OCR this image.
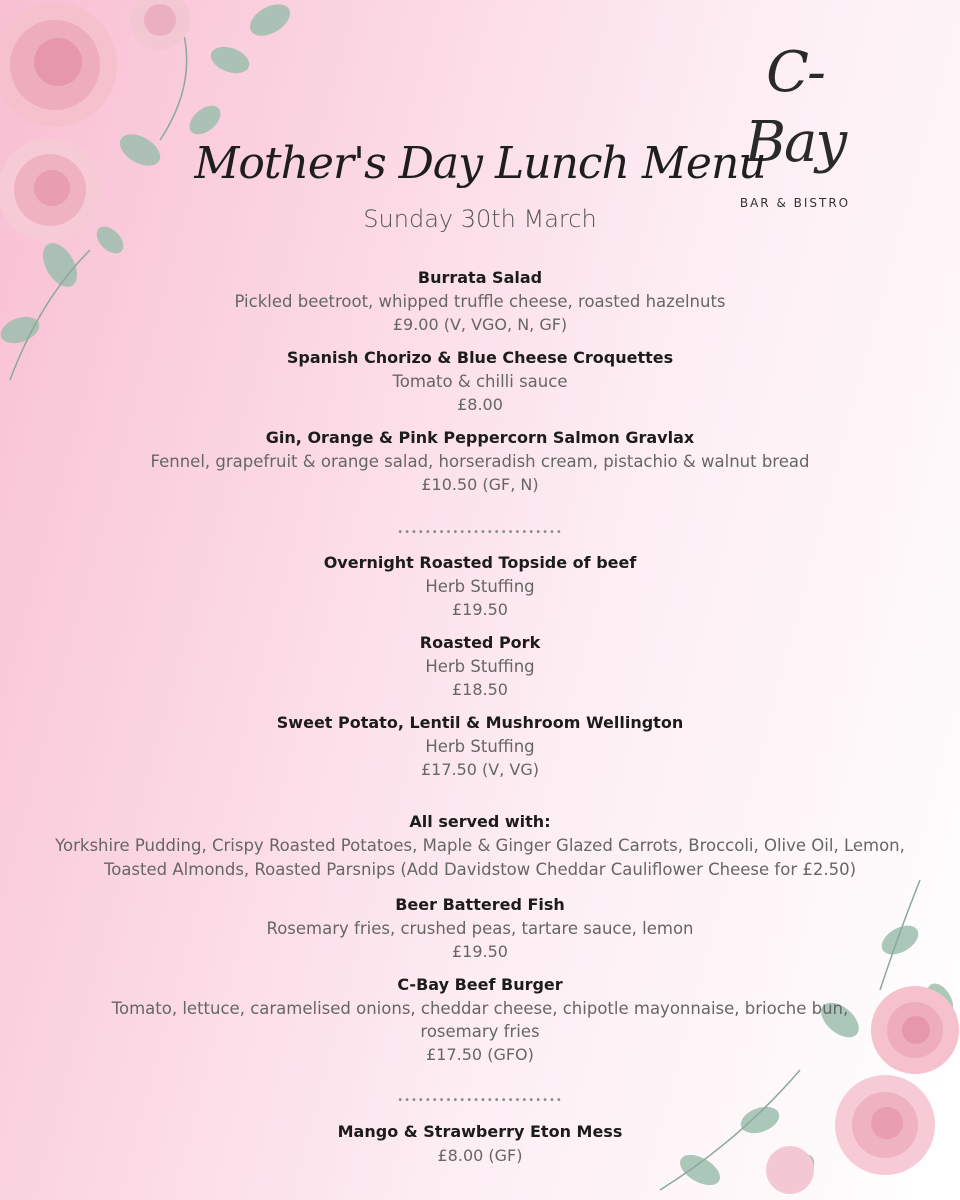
C-Bay
BAR & BISTRO
Mother's Day Lunch Menu
Sunday 30th March
Burrata Salad
Pickled beetroot, whipped truffle cheese, roasted hazelnuts
£9.00 (V, VGO, N, GF)
Spanish Chorizo & Blue Cheese Croquettes
Tomato & chilli sauce
£8.00
Gin, Orange & Pink Peppercorn Salmon Gravlax
Fennel, grapefruit & orange salad, horseradish cream, pistachio & walnut bread
£10.50 (GF, N)
••••••••••••••••••••••••
Overnight Roasted Topside of beef
Herb Stuffing
£19.50
Roasted Pork
Herb Stuffing
£18.50
Sweet Potato, Lentil & Mushroom Wellington
Herb Stuffing
£17.50 (V, VG)
All served with:
Yorkshire Pudding, Crispy Roasted Potatoes, Maple & Ginger Glazed Carrots, Broccoli, Olive Oil, Lemon,
Toasted Almonds, Roasted Parsnips (Add Davidstow Cheddar Cauliflower Cheese for £2.50)
Beer Battered Fish
Rosemary fries, crushed peas, tartare sauce, lemon
£19.50
C-Bay Beef Burger
Tomato, lettuce, caramelised onions, cheddar cheese, chipotle mayonnaise, brioche bun,
rosemary fries
£17.50 (GFO)
••••••••••••••••••••••••
Mango & Strawberry Eton Mess
£8.00 (GF)
